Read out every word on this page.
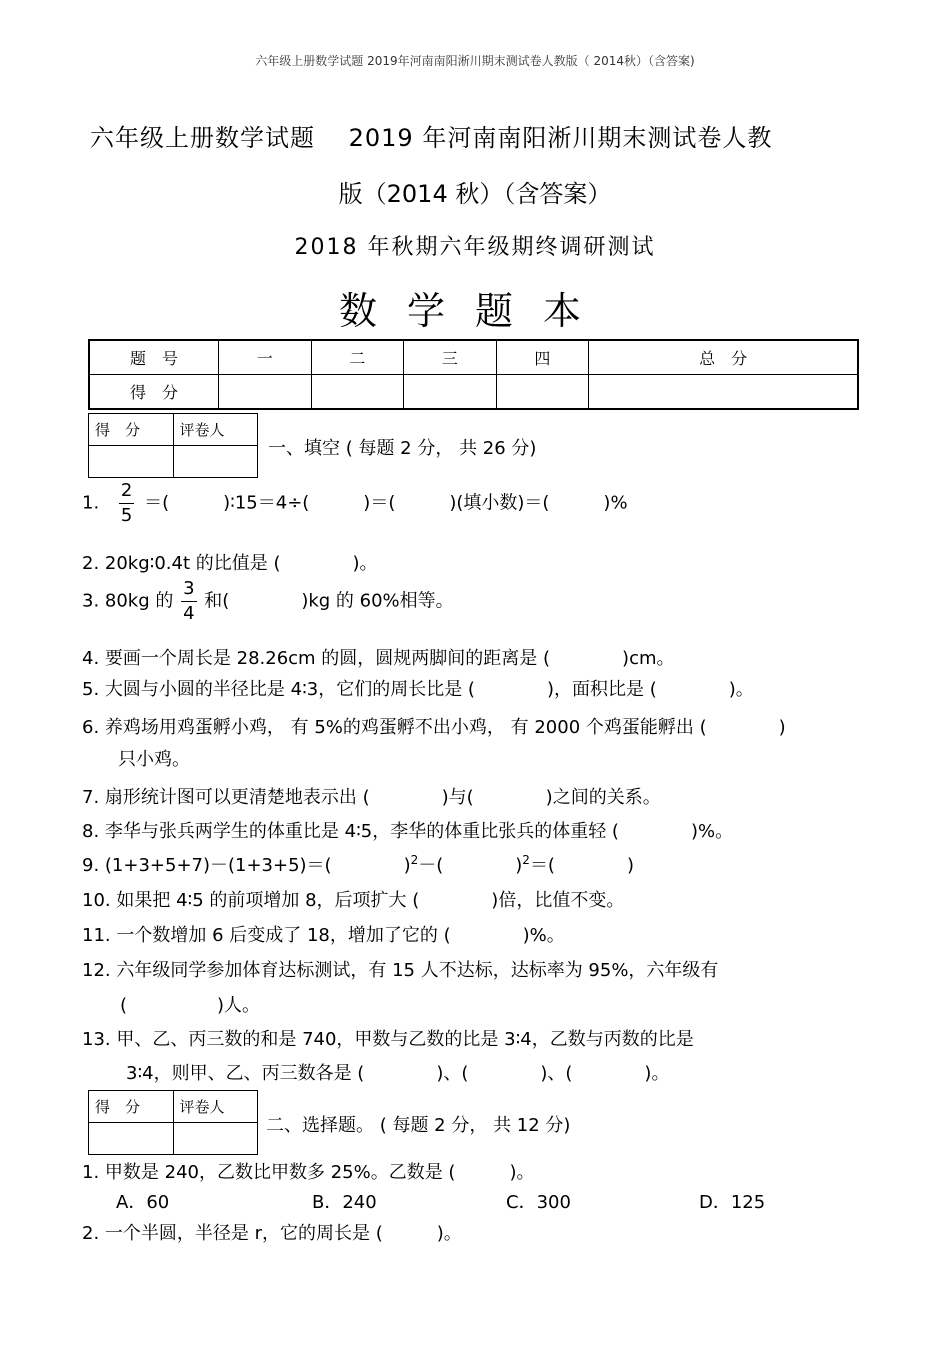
六年级上册数学试题 2019年河南南阳淅川期末测试卷人教版（ 2014秋）（含答案)
六年级上册数学试题　 2019 年河南南阳淅川期末测试卷人教
版（2014 秋）（含答案）
2018 年秋期六年级期终调研测试
数学题本
题　号	一	二	三	四	总　分
得　分					
得　分	评卷人

一、填空 ( 每题 2 分， 共 26 分)
1. $\frac{2}{5}$ ＝(　　　)∶15＝4÷(　　　)＝(　　　)(填小数)＝(　　　)%
2. 20kg∶0.4t 的比值是 (　　　　)。
3. 80kg 的 $\frac{3}{4}$ 和(　　　　)kg 的 60%相等。
4. 要画一个周长是 28.26cm 的圆，圆规两脚间的距离是 (　　　　)cm。
5. 大圆与小圆的半径比是 4∶3，它们的周长比是 (　　　　)，面积比是 (　　　　)。
6. 养鸡场用鸡蛋孵小鸡， 有 5%的鸡蛋孵不出小鸡， 有 2000 个鸡蛋能孵出 (　　　　)
只小鸡。
7. 扇形统计图可以更清楚地表示出 (　　　　)与(　　　　)之间的关系。
8. 李华与张兵两学生的体重比是 4∶5，李华的体重比张兵的体重轻 (　　　　)%。
9. (1+3+5+7)－(1+3+5)＝(　　　　)$^2$－(　　　　)$^2$＝(　　　　)
10. 如果把 4∶5 的前项增加 8，后项扩大 (　　　　)倍，比值不变。
11. 一个数增加 6 后变成了 18，增加了它的 (　　　　)%。
12. 六年级同学参加体育达标测试，有 15 人不达标，达标率为 95%，六年级有
(　　　　　)人。
13. 甲、乙、丙三数的和是 740，甲数与乙数的比是 3∶4，乙数与丙数的比是
3∶4，则甲、乙、丙三数各是 (　　　　)、(　　　　)、(　　　　)。
得　分	评卷人

二、选择题。 ( 每题 2 分， 共 12 分)
1. 甲数是 240，乙数比甲数多 25%。乙数是 (　　　)。
A．60	B．240	C．300	D．125
2. 一个半圆，半径是 r，它的周长是 (　　　)。
